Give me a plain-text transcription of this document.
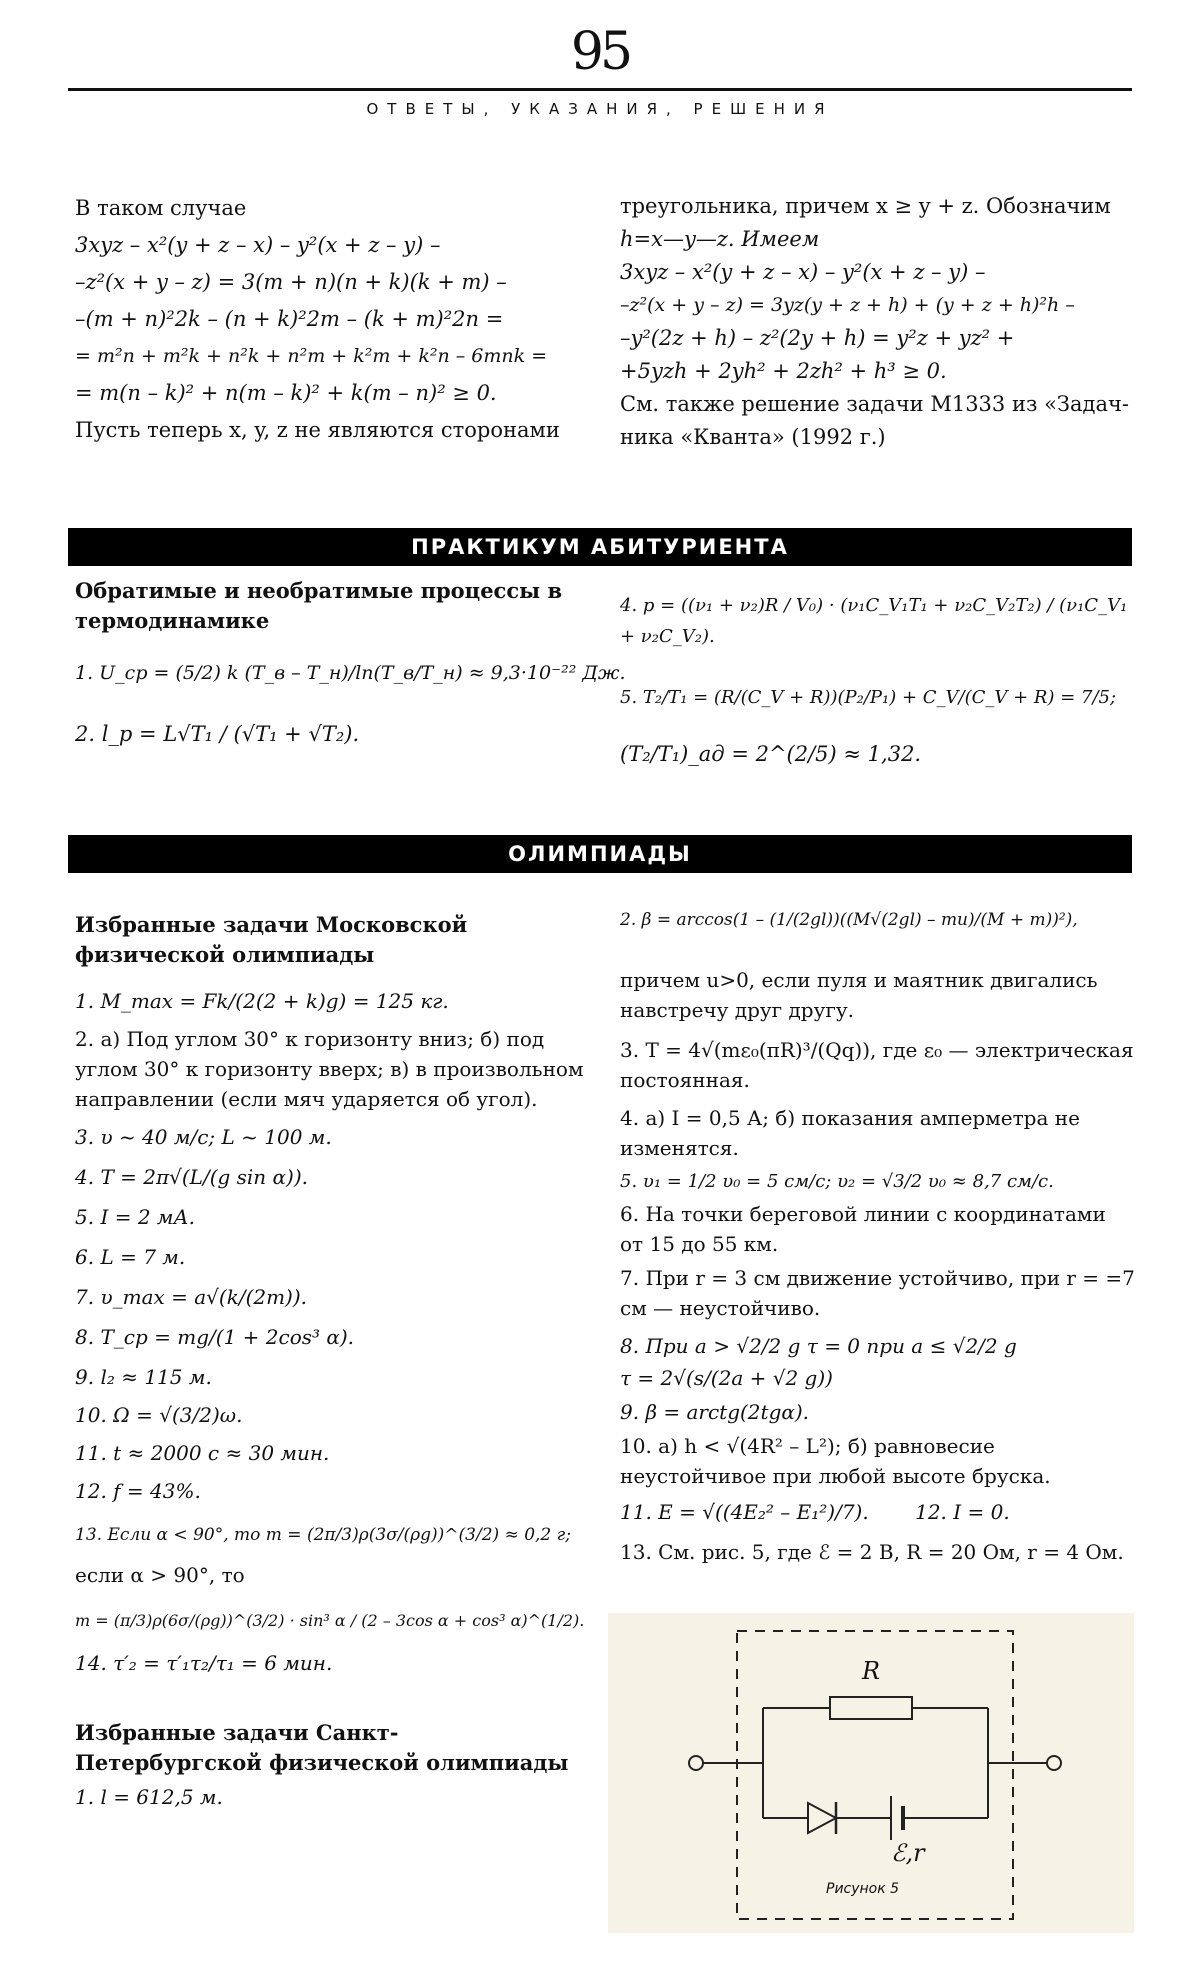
95
ОТВЕТЫ, УКАЗАНИЯ, РЕШЕНИЯ

В таком случае

3xyz – x²(y + z – x) – y²(x + z – y) –

–z²(x + y – z) = 3(m + n)(n + k)(k + m) –

–(m + n)²2k – (n + k)²2m – (k + m)²2n =

= m²n + m²k + n²k + n²m + k²m + k²n – 6mnk =

= m(n – k)² + n(m – k)² + k(m – n)² ≥ 0.

Пусть теперь x, y, z не являются сторонами

треугольника, причем x ≥ y + z. Обозначим

h=x—y—z. Имеем

3xyz – x²(y + z – x) – y²(x + z – y) –

–z²(x + y – z) = 3yz(y + z + h) + (y + z + h)²h –

–y²(2z + h) – z²(2y + h) = y²z + yz² +

+5yzh + 2yh² + 2zh² + h³ ≥ 0.

См. также решение задачи М1333 из «Задач-

ника «Кванта» (1992 г.)

ПРАКТИКУМ АБИТУРИЕНТА

Обратимые и необратимые процессы в термодинамике

1. U_ср = (5/2) k (T_в – T_н)/ln(T_в/T_н) ≈ 9,3·10⁻²² Дж.

2. l_р = L√T₁ / (√T₁ + √T₂).

4. p = ((ν₁ + ν₂)R / V₀) · (ν₁C_V₁T₁ + ν₂C_V₂T₂) / (ν₁C_V₁ + ν₂C_V₂).

5. T₂/T₁ = (R/(C_V + R))(P₂/P₁) + C_V/(C_V + R) = 7/5;

(T₂/T₁)_ад = 2^(2/5) ≈ 1,32.

ОЛИМПИАДЫ

Избранные задачи Московской физической олимпиады

1. M_max = Fk/(2(2 + k)g) = 125 кг.

2. а) Под углом 30° к горизонту вниз; б) под углом 30° к горизонту вверх; в) в произвольном направлении (если мяч ударяется об угол).

3. υ ~ 40 м/с; L ~ 100 м.

4. T = 2π√(L/(g sin α)).

5. I = 2 мА.

6. L = 7 м.

7. υ_max = a√(k/(2m)).

8. T_ср = mg/(1 + 2cos³ α).

9. l₂ ≈ 115 м.

10. Ω = √(3/2)ω.

11. t ≈ 2000 с ≈ 30 мин.

12. f = 43%.

13. Если α < 90°, то m = (2π/3)ρ(3σ/(ρg))^(3/2) ≈ 0,2 г;

если α > 90°, то

m = (π/3)ρ(6σ/(ρg))^(3/2) · sin³ α / (2 – 3cos α + cos³ α)^(1/2).

14. τ′₂ = τ′₁τ₂/τ₁ = 6 мин.

Избранные задачи Санкт-Петербургской физической олимпиады

1. l = 612,5 м.

2. β = arccos(1 – (1/(2gl))((M√(2gl) – mu)/(M + m))²),

причем u>0, если пуля и маятник двигались навстречу друг другу.

3. T = 4√(mε₀(πR)³/(Qq)), где ε₀ — электрическая постоянная.

4. а) I = 0,5 А; б) показания амперметра не изменятся.

5. υ₁ = 1/2 υ₀ = 5 см/с; υ₂ = √3/2 υ₀ ≈ 8,7 см/с.

6. На точки береговой линии с координатами от 15 до 55 км.

7. При r = 3 см движение устойчиво, при r = =7 см — неустойчиво.

8. При a > √2/2 g τ = 0 при a ≤ √2/2 g

τ = 2√(s/(2a + √2 g))

9. β = arctg(2tgα).

10. а) h < √(4R² – L²); б) равновесие неустойчивое при любой высоте бруска.

11. E = √((4E₂² – E₁²)/7). 12. I = 0.

13. См. рис. 5, где ℰ = 2 В, R = 20 Ом, r = 4 Ом.

R
ℰ,r
Рисунок 5
